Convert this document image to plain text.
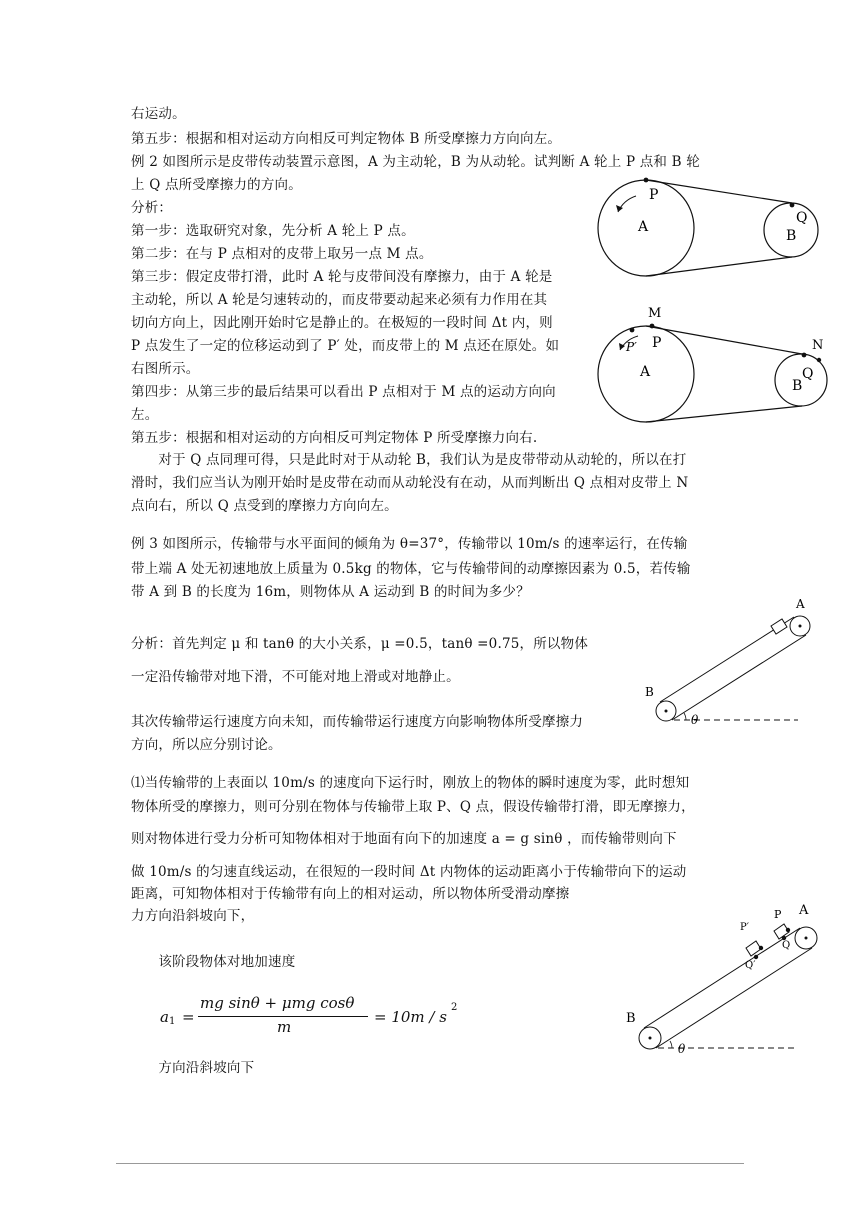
右运动。
第五步：根据和相对运动方向相反可判定物体 B 所受摩擦力方向向左。
例 2 如图所示是皮带传动装置示意图，A 为主动轮，B 为从动轮。试判断 A 轮上 P 点和 B 轮
上 Q 点所受摩擦力的方向。
分析：
第一步：选取研究对象，先分析 A 轮上 P 点。
第二步：在与 P 点相对的皮带上取另一点 M 点。
第三步：假定皮带打滑，此时 A 轮与皮带间没有摩擦力，由于 A 轮是
主动轮，所以 A 轮是匀速转动的，而皮带要动起来必须有力作用在其
切向方向上，因此刚开始时它是静止的。在极短的一段时间 Δt 内，则
P 点发生了一定的位移运动到了 P′ 处，而皮带上的 M 点还在原处。如
右图所示。
第四步：从第三步的最后结果可以看出 P 点相对于 M 点的运动方向向
左。
第五步：根据和相对运动的方向相反可判定物体 P 所受摩擦力向右.
　　对于 Q 点同理可得，只是此时对于从动轮 B，我们认为是皮带带动从动轮的，所以在打
滑时，我们应当认为刚开始时是皮带在动而从动轮没有在动，从而判断出 Q 点相对皮带上 N
点向右，所以 Q 点受到的摩擦力方向向左。
例 3 如图所示，传输带与水平面间的倾角为 θ=37°，传输带以 10m/s 的速率运行，在传输
带上端 A 处无初速地放上质量为 0.5kg 的物体，它与传输带间的动摩擦因素为 0.5，若传输
带 A 到 B 的长度为 16m，则物体从 A 运动到 B 的时间为多少？
分析：首先判定 μ 和 tanθ 的大小关系，μ =0.5，tanθ =0.75，所以物体
一定沿传输带对地下滑，不可能对地上滑或对地静止。
其次传输带运行速度方向未知，而传输带运行速度方向影响物体所受摩擦力
方向，所以应分别讨论。
⑴当传输带的上表面以 10m/s 的速度向下运行时，刚放上的物体的瞬时速度为零，此时想知
物体所受的摩擦力，则可分别在物体与传输带上取 P、Q 点，假设传输带打滑，即无摩擦力，
则对物体进行受力分析可知物体相对于地面有向下的加速度 a = g sinθ ，而传输带则向下
做 10m/s 的匀速直线运动，在很短的一段时间 Δt 内物体的运动距离小于传输带向下的运动
距离，可知物体相对于传输带有向上的相对运动，所以物体所受滑动摩擦
力方向沿斜坡向下，
　　该阶段物体对地加速度
　　方向沿斜坡向下
a 1 =
mg sinθ + μmg cosθ
m
= 10m / s
2
P
A
Q
B
M
P′ P
A
N
Q
B
A
B
θ
A
P
P′
Q
Q′
B
θ
